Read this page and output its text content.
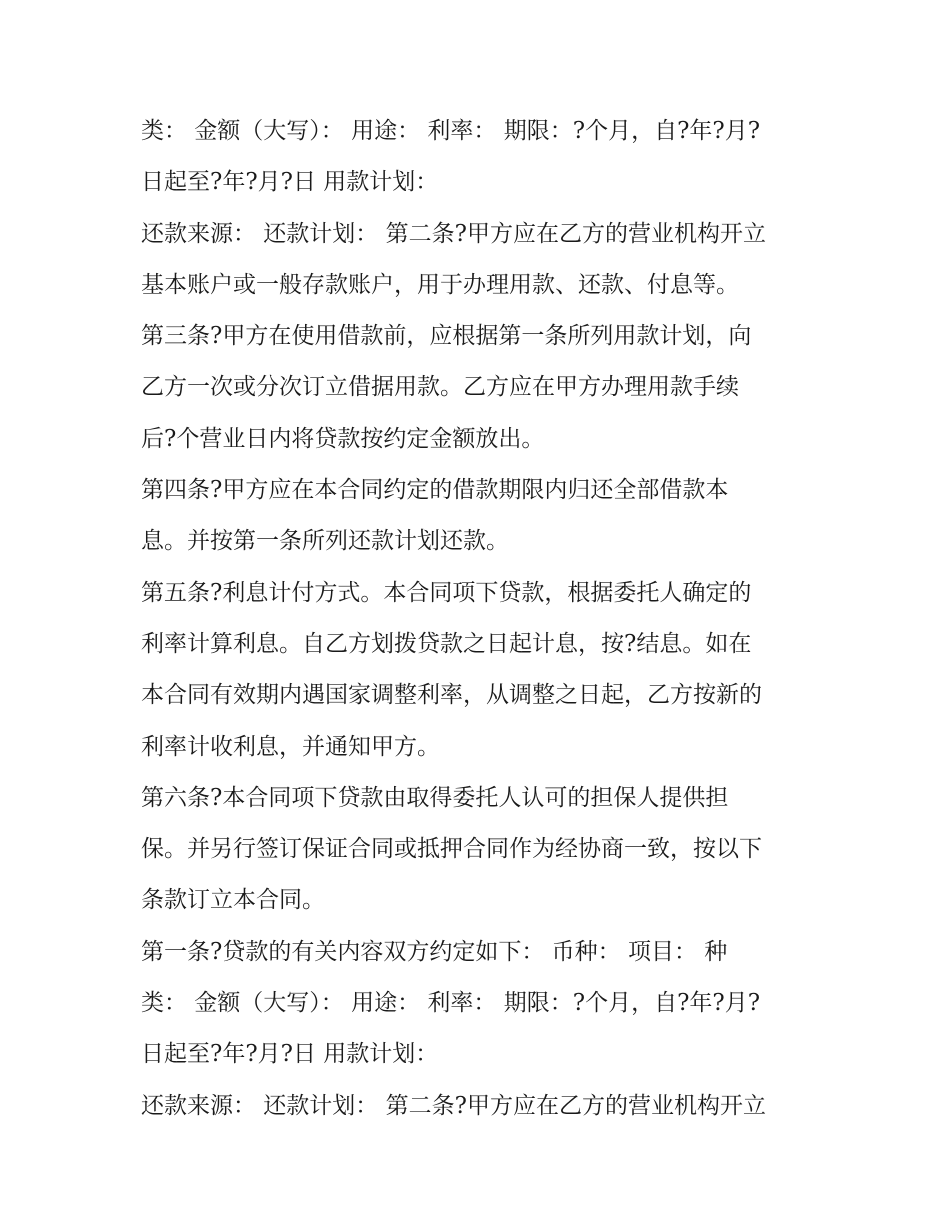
类： 金额（大写）： 用途： 利率： 期限：?个月，自?年?月?
日起至?年?月?日 用款计划：
还款来源： 还款计划： 第二条?甲方应在乙方的营业机构开立
基本账户或一般存款账户，用于办理用款、还款、付息等。
第三条?甲方在使用借款前，应根据第一条所列用款计划，向
乙方一次或分次订立借据用款。乙方应在甲方办理用款手续
后?个营业日内将贷款按约定金额放出。
第四条?甲方应在本合同约定的借款期限内归还全部借款本
息。并按第一条所列还款计划还款。
第五条?利息计付方式。本合同项下贷款，根据委托人确定的
利率计算利息。自乙方划拨贷款之日起计息，按?结息。如在
本合同有效期内遇国家调整利率，从调整之日起，乙方按新的
利率计收利息，并通知甲方。
第六条?本合同项下贷款由取得委托人认可的担保人提供担
保。并另行签订保证合同或抵押合同作为经协商一致，按以下
条款订立本合同。
第一条?贷款的有关内容双方约定如下： 币种： 项目： 种
类： 金额（大写）： 用途： 利率： 期限：?个月，自?年?月?
日起至?年?月?日 用款计划：
还款来源： 还款计划： 第二条?甲方应在乙方的营业机构开立
